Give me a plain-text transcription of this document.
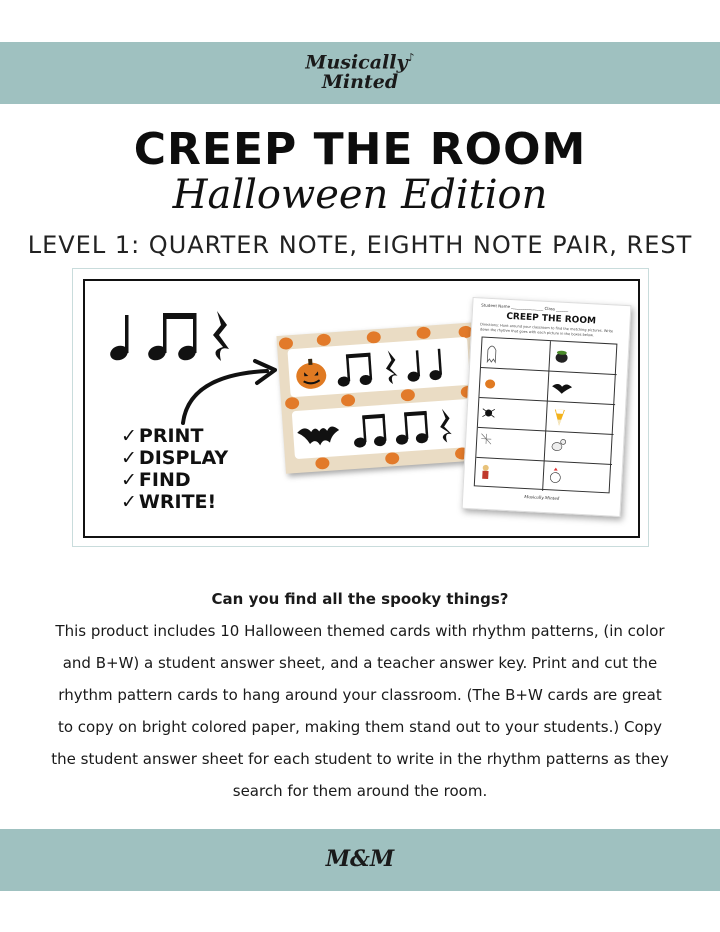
Musically♪
Minted
CREEP THE ROOM
Halloween Edition
LEVEL 1: QUARTER NOTE, EIGHTH NOTE PAIR, REST
✓ PRINT
✓ DISPLAY
✓ FIND
✓ WRITE!
Student Name ________________ Class ______
CREEP THE ROOM
Directions: Hunt around your classroom to find the matching pictures. Write down the rhythm that goes with each picture in the boxes below.
Musically Minted
Can you find all the spooky things?

This product includes 10 Halloween themed cards with rhythm patterns, (in color and B+W) a student answer sheet, and a teacher answer key. Print and cut the rhythm pattern cards to hang around your classroom. (The B+W cards are great to copy on bright colored paper, making them stand out to your students.) Copy the student answer sheet for each student to write in the rhythm patterns as they search for them around the room.

M&M
